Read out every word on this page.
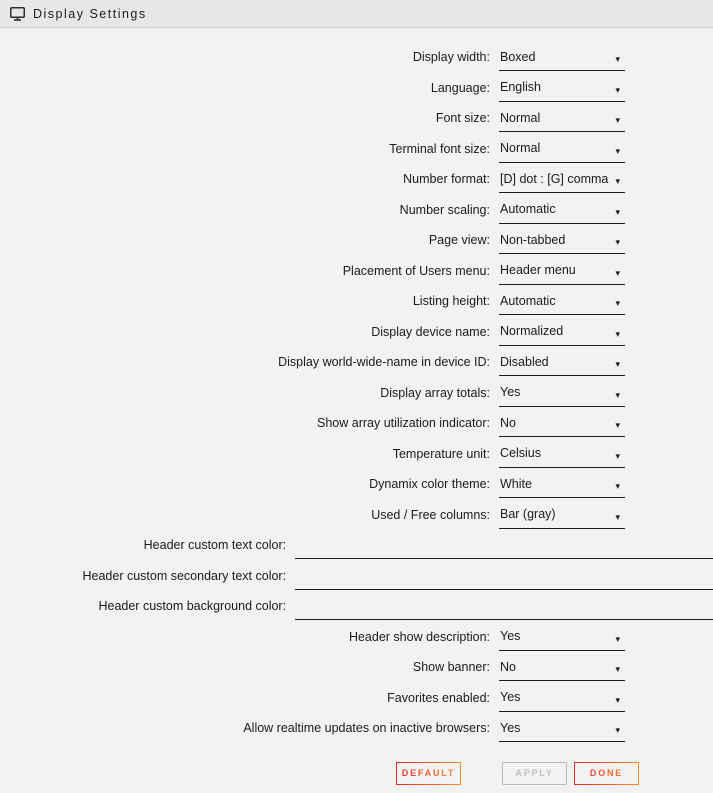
Display Settings
Display width:
Boxed	▾
Language:
English	▾
Font size:
Normal	▾
Terminal font size:
Normal	▾
Number format:
[D] dot : [G] comma	▾
Number scaling:
Automatic	▾
Page view:
Non-tabbed	▾
Placement of Users menu:
Header menu	▾
Listing height:
Automatic	▾
Display device name:
Normalized	▾
Display world-wide-name in device ID:
Disabled	▾
Display array totals:
Yes	▾
Show array utilization indicator:
No	▾
Temperature unit:
Celsius	▾
Dynamix color theme:
White	▾
Used / Free columns:
Bar (gray)	▾
Header custom text color:
Header custom secondary text color:
Header custom background color:
Header show description:
Yes	▾
Show banner:
No	▾
Favorites enabled:
Yes	▾
Allow realtime updates on inactive browsers:
Yes	▾
DEFAULT	APPLY	DONE
